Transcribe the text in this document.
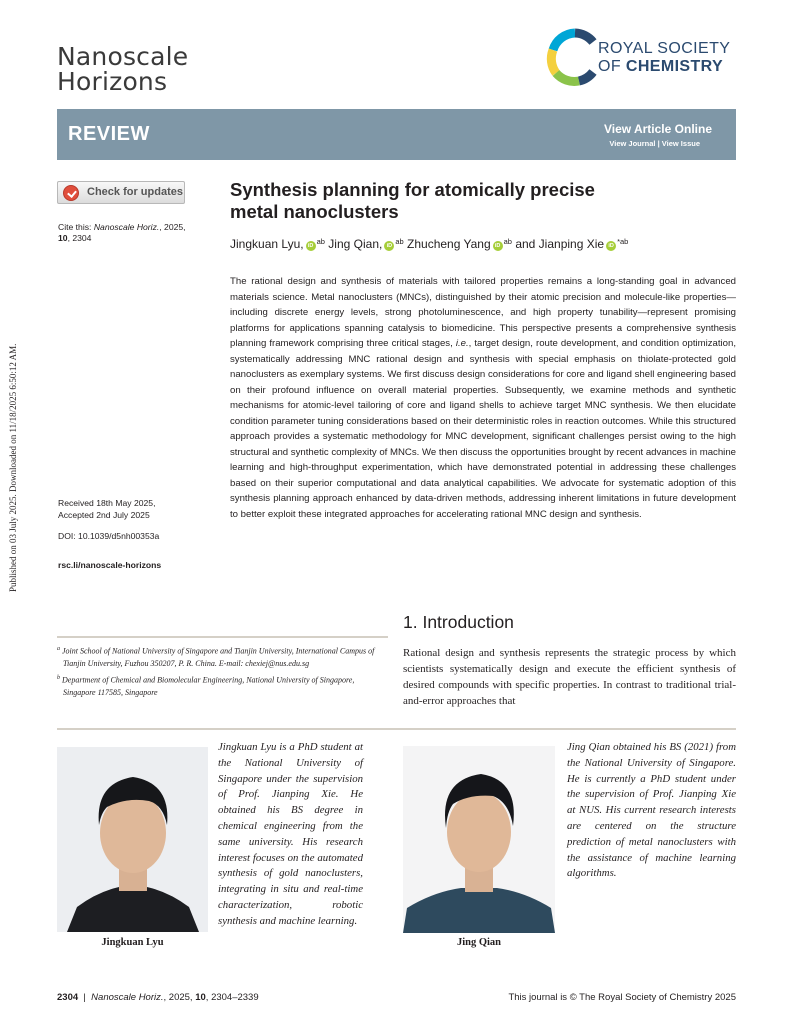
Nanoscale
Horizons
ROYAL SOCIETY
OF CHEMISTRY
REVIEW	View Article Online
View Journal | View Issue
Check for updates
Cite this: Nanoscale Horiz., 2025,
10, 2304
Received 18th May 2025,
Accepted 2nd July 2025
DOI: 10.1039/d5nh00353a
rsc.li/nanoscale-horizons
Published on 03 July 2025. Downloaded on 11/18/2025 6:50:12 AM.
Synthesis planning for atomically precise
metal nanoclusters
Jingkuan Lyu, iD $^{ab}$ Jing Qian, iD $^{ab}$ Zhucheng Yang iD $^{ab}$ and Jianping Xie iD $^{*ab}$
The rational design and synthesis of materials with tailored properties remains a long-standing goal in advanced materials science. Metal nanoclusters (MNCs), distinguished by their atomic precision and molecule-like properties—including discrete energy levels, strong photoluminescence, and high property tunability—represent promising platforms for applications spanning catalysis to biomedicine. This perspective presents a comprehensive synthesis planning framework comprising three critical stages, i.e., target design, route development, and condition optimization, systematically addressing MNC rational design and synthesis with special emphasis on thiolate-protected gold nanoclusters as exemplary systems. We first discuss design considerations for core and ligand shell engineering based on their profound influence on overall material properties. Subsequently, we examine methods and synthetic mechanisms for atomic-level tailoring of core and ligand shells to achieve target MNC synthesis. We then elucidate condition parameter tuning considerations based on their deterministic roles in reaction outcomes. While this structured approach provides a systematic methodology for MNC development, significant challenges persist owing to the high structural and synthetic complexity of MNCs. We then discuss the opportunities brought by recent advances in machine learning and high-throughput experimentation, which have demonstrated potential in addressing these challenges based on their superior computational and data analytical capabilities. We advocate for systematic adoption of this synthesis planning approach enhanced by data-driven methods, addressing inherent limitations in future development to better exploit these integrated approaches for accelerating rational MNC design and synthesis.
$^a$ Joint School of National University of Singapore and Tianjin University, International Campus of Tianjin University, Fuzhou 350207, P. R. China. E-mail: chexiej@nus.edu.sg
$^b$ Department of Chemical and Biomolecular Engineering, National University of Singapore, Singapore 117585, Singapore
1. Introduction
Rational design and synthesis represents the strategic process by which scientists systematically design and execute the efficient synthesis of desired compounds with specific properties. In contrast to traditional trial-and-error approaches that
Jingkuan Lyu is a PhD student at the National University of Singapore under the supervision of Prof. Jianping Xie. He obtained his BS degree in chemical engineering from the same university. His research interest focuses on the automated synthesis of gold nanoclusters, integrating in situ and real-time characterization, robotic synthesis and machine learning.
Jingkuan Lyu
Jing Qian obtained his BS (2021) from the National University of Singapore. He is currently a PhD student under the supervision of Prof. Jianping Xie at NUS. His current research interests are centered on the structure prediction of metal nanoclusters with the assistance of machine learning algorithms.
Jing Qian
2304 | Nanoscale Horiz., 2025, 10, 2304–2339	This journal is © The Royal Society of Chemistry 2025
